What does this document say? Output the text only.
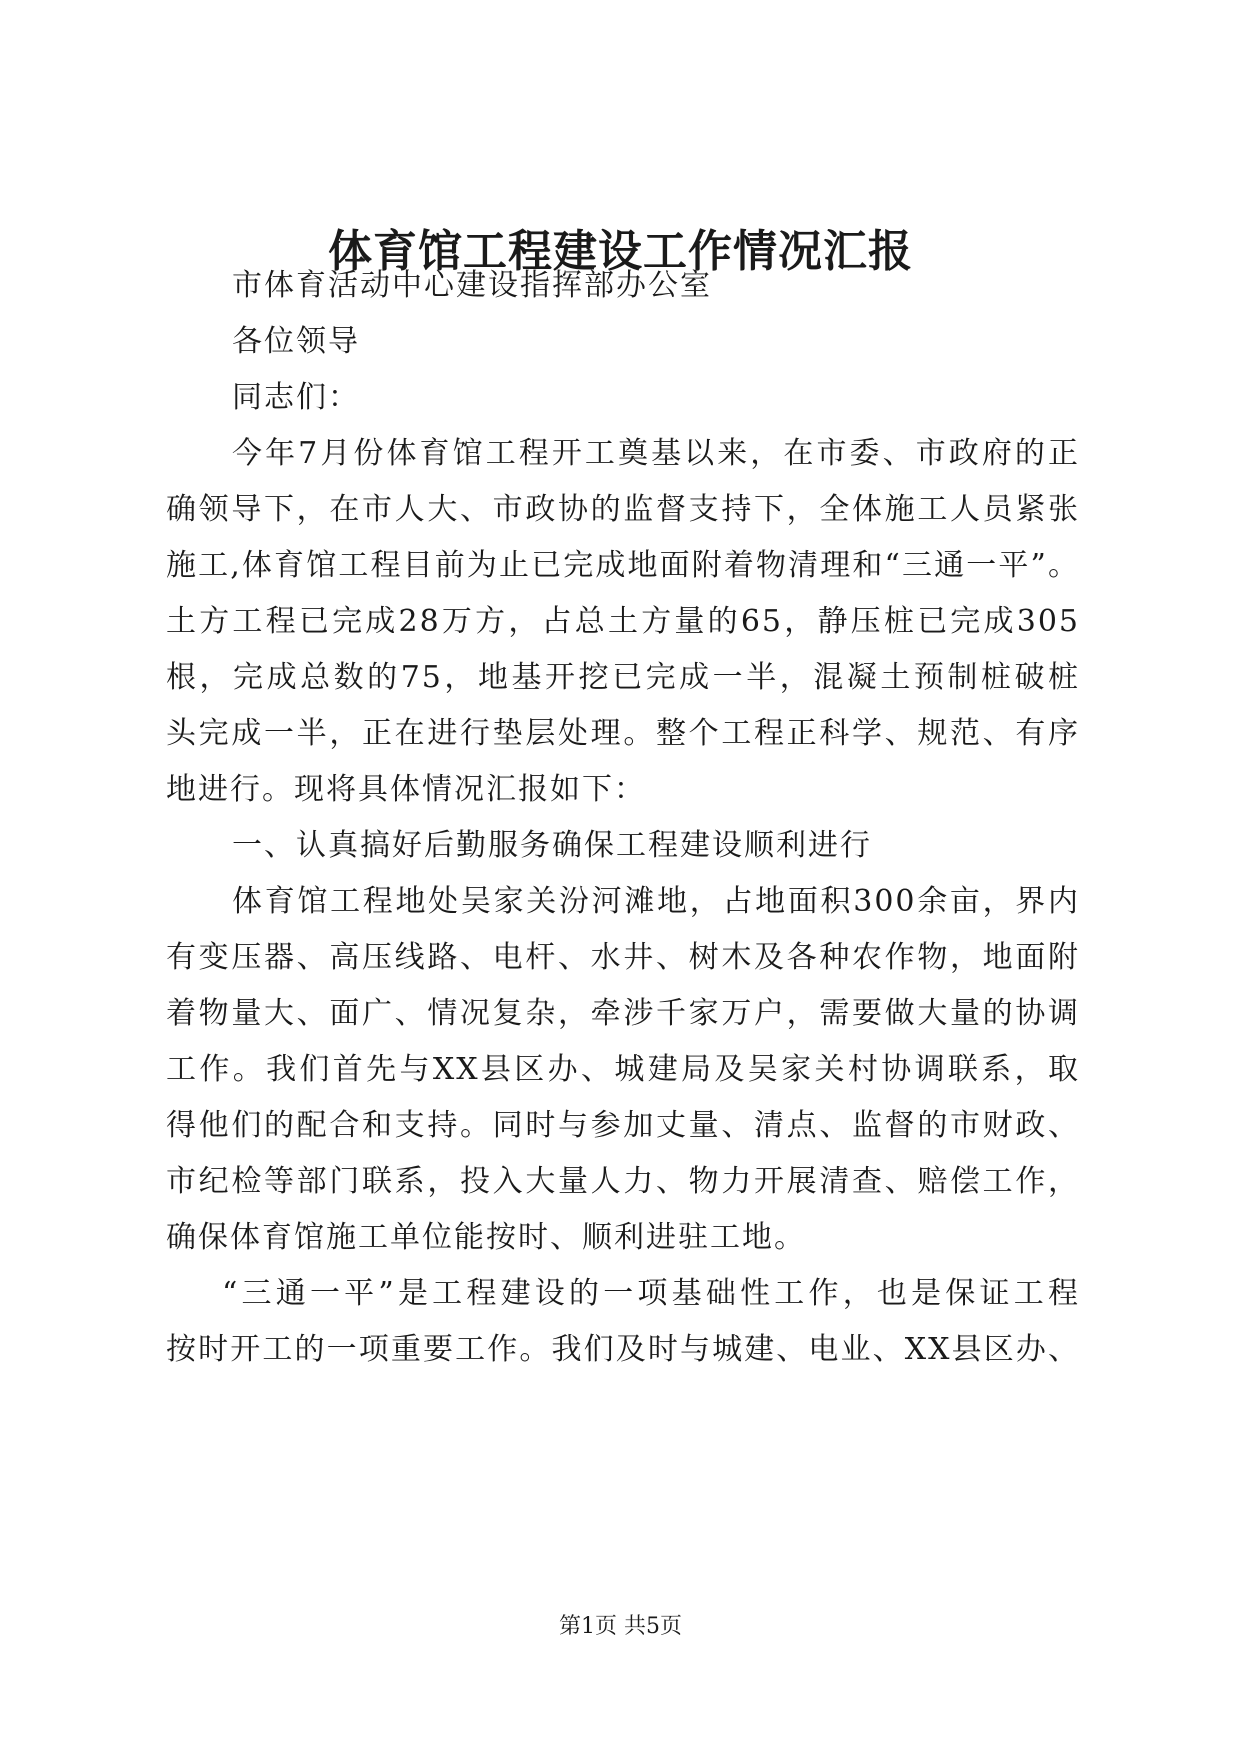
体育馆工程建设工作情况汇报
市体育活动中心建设指挥部办公室
各位领导
同志们：
今年7月份体育馆工程开工奠基以来，在市委、市政府的正
确领导下，在市人大、市政协的监督支持下，全体施工人员紧张
施工,体育馆工程目前为止已完成地面附着物清理和“三通一平”。
土方工程已完成28万方，占总土方量的65，静压桩已完成305
根，完成总数的75，地基开挖已完成一半，混凝土预制桩破桩
头完成一半，正在进行垫层处理。整个工程正科学、规范、有序
地进行。现将具体情况汇报如下：
一、认真搞好后勤服务确保工程建设顺利进行
体育馆工程地处吴家关汾河滩地，占地面积300余亩，界内
有变压器、高压线路、电杆、水井、树木及各种农作物，地面附
着物量大、面广、情况复杂，牵涉千家万户，需要做大量的协调
工作。我们首先与XX县区办、城建局及吴家关村协调联系，取
得他们的配合和支持。同时与参加丈量、清点、监督的市财政、
市纪检等部门联系，投入大量人力、物力开展清查、赔偿工作，
确保体育馆施工单位能按时、顺利进驻工地。
“三通一平”是工程建设的一项基础性工作，也是保证工程
按时开工的一项重要工作。我们及时与城建、电业、XX县区办、
第1页 共5页
